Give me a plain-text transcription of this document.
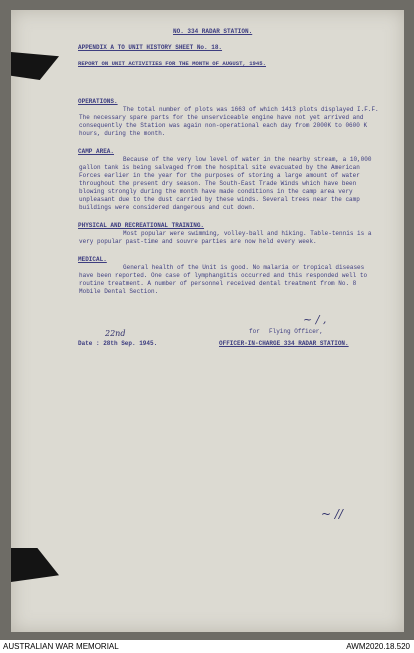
NO. 334 RADAR STATION.
APPENDIX A TO UNIT HISTORY SHEET No. 18.
REPORT ON UNIT ACTIVITIES FOR THE MONTH OF AUGUST, 1945.
OPERATIONS.
The total number of plots was 1663 of which 1413 plots displayed I.F.F. The necessary spare parts for the unserviceable engine have not yet arrived and consequently the Station was again non-operational each day from 2000K to 0600 K hours, during the month.
CAMP AREA.
Because of the very low level of water in the nearby stream, a 10,000 gallon tank is being salvaged from the hospital site evacuated by the American Forces earlier in the year for the purposes of storing a large amount of water throughout the present dry season. The South-East Trade Winds which have been blowing strongly during the month have made conditions in the camp area very unpleasant due to the dust carried by these winds. Several trees near the camp buildings were considered dangerous and cut down.
PHYSICAL AND RECREATIONAL TRAINING.
Most popular were swimming, volley-ball and hiking. Table-tennis is a very popular past-time and souvre parties are now held every week.
MEDICAL.
General health of the Unit is good. No malaria or tropical diseases have been reported. One case of lymphangitis occurred and this responded well to routine treatment. A number of personnel received dental treatment from No. 8 Mobile Dental Section.
~ / ,
for Flying Officer,
OFFICER-IN-CHARGE 334 RADAR STATION.
22nd
Date : 28th Sep. 1945.
~ //
AUSTRALIAN WAR MEMORIAL	AWM2020.18.520
